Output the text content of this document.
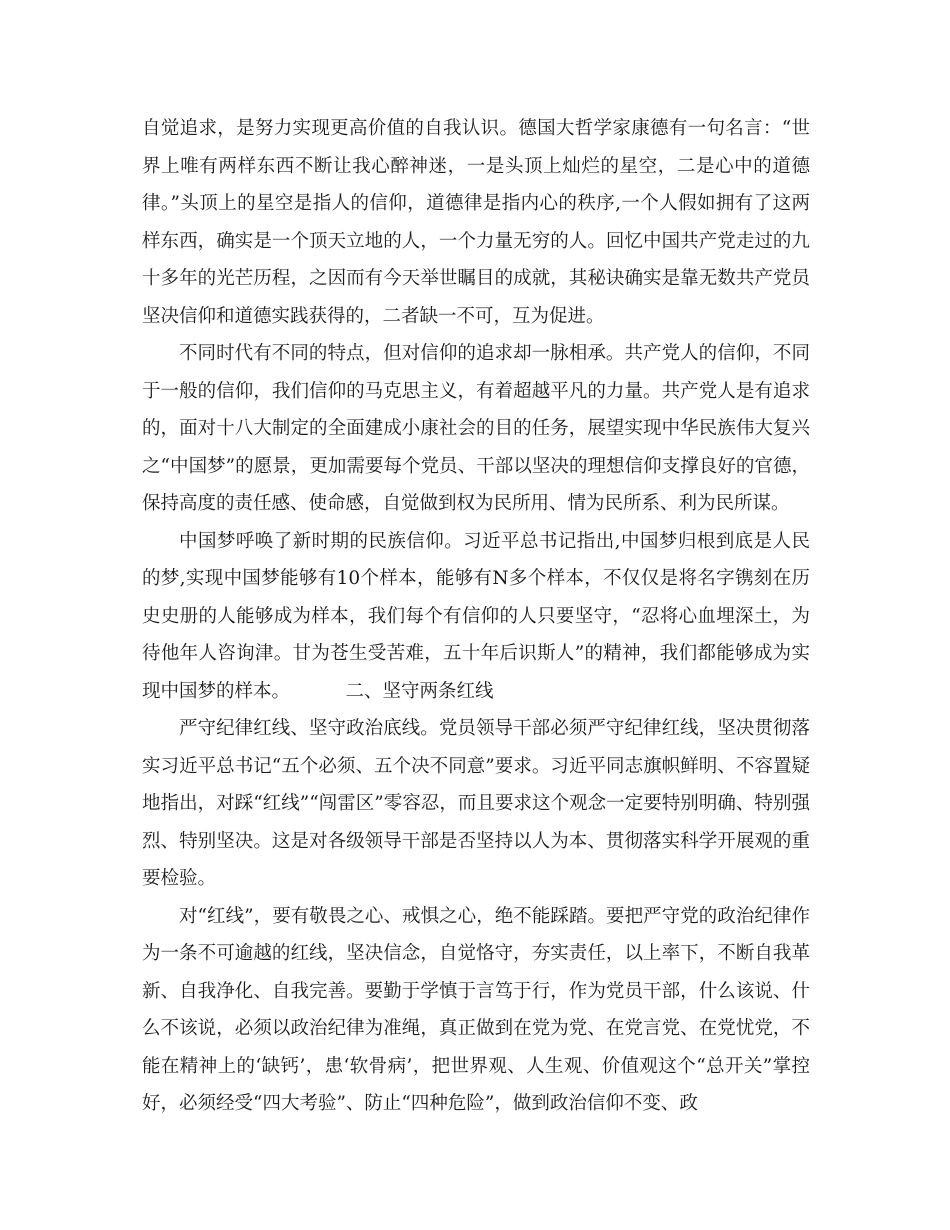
自觉追求，是努力实现更高价值的自我认识。德国大哲学家康德有一句名言：“世界上唯有两样东西不断让我心醉神迷，一是头顶上灿烂的星空，二是心中的道德律。”头顶上的星空是指人的信仰，道德律是指内心的秩序,一个人假如拥有了这两样东西，确实是一个顶天立地的人，一个力量无穷的人。回忆中国共产党走过的九十多年的光芒历程，之因而有今天举世瞩目的成就，其秘诀确实是靠无数共产党员坚决信仰和道德实践获得的，二者缺一不可，互为促进。

不同时代有不同的特点，但对信仰的追求却一脉相承。共产党人的信仰，不同于一般的信仰，我们信仰的马克思主义，有着超越平凡的力量。共产党人是有追求的，面对十八大制定的全面建成小康社会的目的任务，展望实现中华民族伟大复兴之“中国梦”的愿景，更加需要每个党员、干部以坚决的理想信仰支撑良好的官德，保持高度的责任感、使命感，自觉做到权为民所用、情为民所系、利为民所谋。

中国梦呼唤了新时期的民族信仰。习近平总书记指出,中国梦归根到底是人民的梦,实现中国梦能够有10个样本，能够有N多个样本，不仅仅是将名字镌刻在历史史册的人能够成为样本，我们每个有信仰的人只要坚守，“忍将心血埋深土，为待他年人咨询津。甘为苍生受苦难，五十年后识斯人”的精神，我们都能够成为实现中国梦的样本。	二、坚守两条红线

严守纪律红线、坚守政治底线。党员领导干部必须严守纪律红线，坚决贯彻落实习近平总书记“五个必须、五个决不同意”要求。习近平同志旗帜鲜明、不容置疑地指出，对踩“红线”“闯雷区”零容忍，而且要求这个观念一定要特别明确、特别强烈、特别坚决。这是对各级领导干部是否坚持以人为本、贯彻落实科学开展观的重要检验。

对“红线”，要有敬畏之心、戒惧之心，绝不能踩踏。要把严守党的政治纪律作为一条不可逾越的红线，坚决信念，自觉恪守，夯实责任，以上率下，不断自我革新、自我净化、自我完善。要勤于学慎于言笃于行，作为党员干部，什么该说、什么不该说，必须以政治纪律为准绳，真正做到在党为党、在党言党、在党忧党，不能在精神上的‘缺钙’，患‘软骨病’，把世界观、人生观、价值观这个“总开关”掌控好，必须经受“四大考验”、防止“四种危险”，做到政治信仰不变、政
